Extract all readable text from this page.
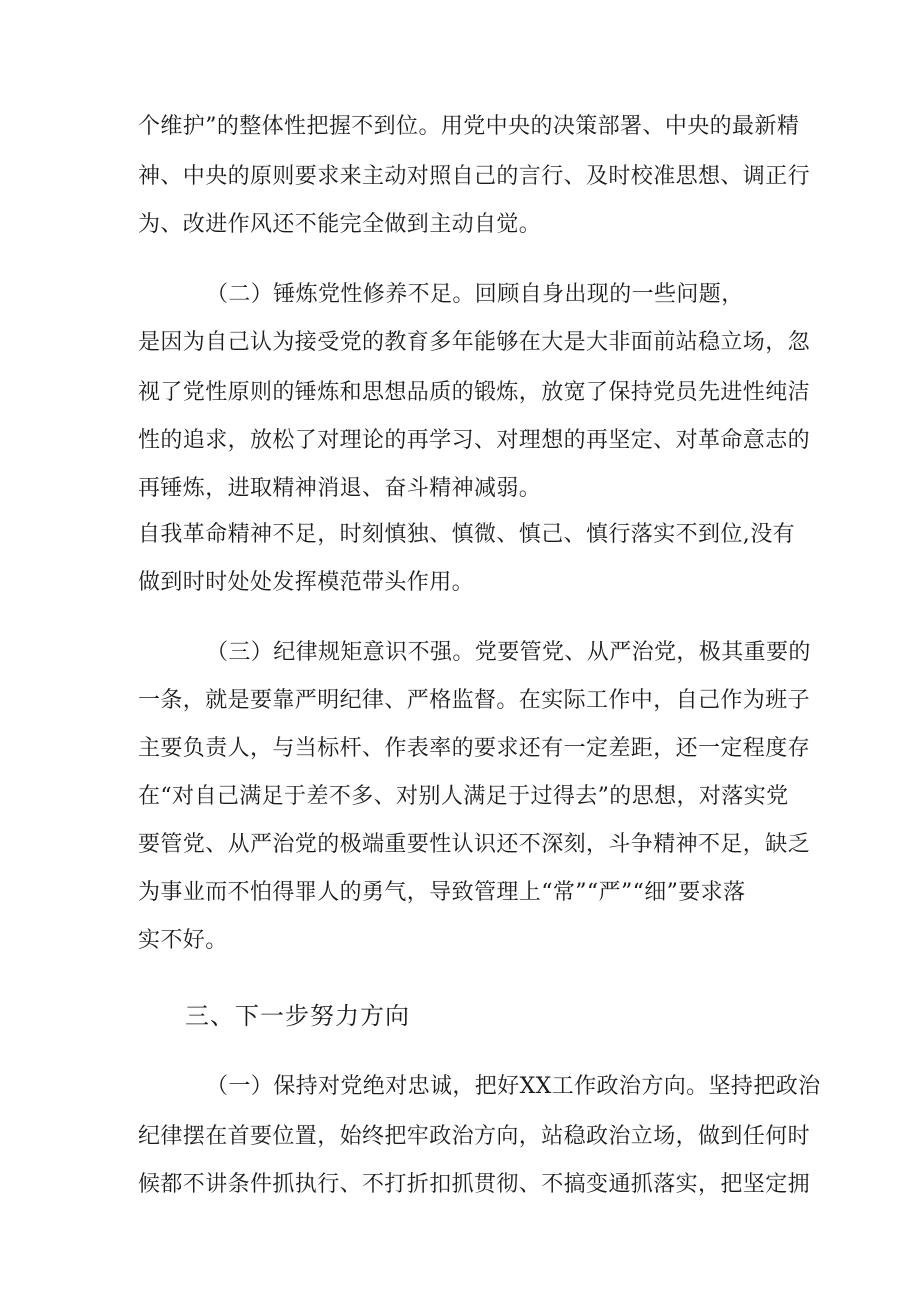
个维护”的整体性把握不到位。用党中央的决策部署、中央的最新精
神、中央的原则要求来主动对照自己的言行、及时校准思想、调正行
为、改进作风还不能完全做到主动自觉。
（二）锤炼党性修养不足。回顾自身出现的一些问题，
是因为自己认为接受党的教育多年能够在大是大非面前站稳立场，忽
视了党性原则的锤炼和思想品质的锻炼，放宽了保持党员先进性纯洁
性的追求，放松了对理论的再学习、对理想的再坚定、对革命意志的
再锤炼，进取精神消退、奋斗精神减弱。
自我革命精神不足，时刻慎独、慎微、慎己、慎行落实不到位,没有
做到时时处处发挥模范带头作用。
（三）纪律规矩意识不强。党要管党、从严治党，极其重要的
一条，就是要靠严明纪律、严格监督。在实际工作中，自己作为班子
主要负责人，与当标杆、作表率的要求还有一定差距，还一定程度存
在“对自己满足于差不多、对别人满足于过得去”的思想，对落实党
要管党、从严治党的极端重要性认识还不深刻，斗争精神不足，缺乏
为事业而不怕得罪人的勇气，导致管理上“常”“严”“细”要求落
实不好。
三、下一步努力方向
（一）保持对党绝对忠诚，把好XX工作政治方向。坚持把政治
纪律摆在首要位置，始终把牢政治方向，站稳政治立场，做到任何时
候都不讲条件抓执行、不打折扣抓贯彻、不搞变通抓落实，把坚定拥
